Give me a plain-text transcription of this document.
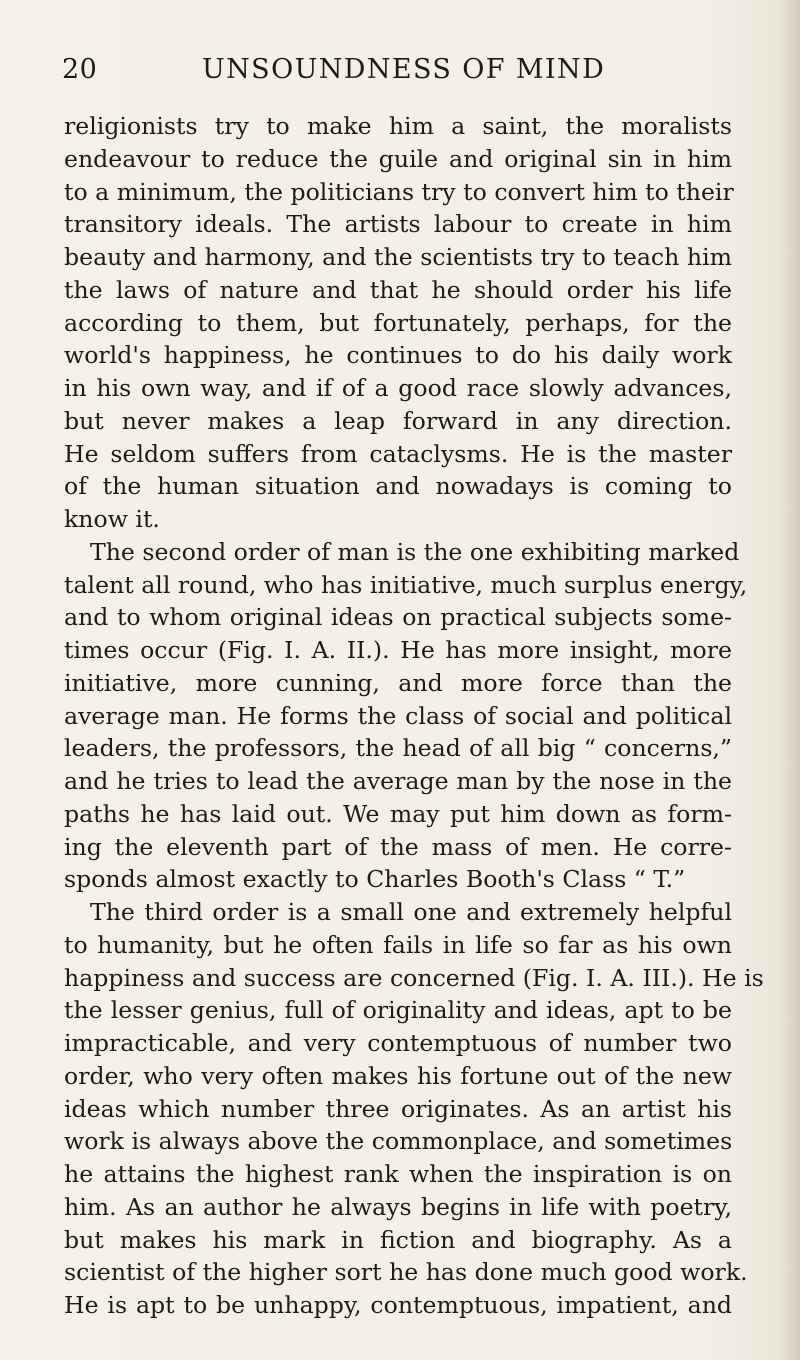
20	UNSOUNDNESS OF MIND
religionists try to make him a saint, the moralists
endeavour to reduce the guile and original sin in him
to a minimum, the politicians try to convert him to their
transitory ideals. The artists labour to create in him
beauty and harmony, and the scientists try to teach him
the laws of nature and that he should order his life
according to them, but fortunately, perhaps, for the
world's happiness, he continues to do his daily work
in his own way, and if of a good race slowly advances,
but never makes a leap forward in any direction.
He seldom suffers from cataclysms. He is the master
of the human situation and nowadays is coming to
know it.
The second order of man is the one exhibiting marked
talent all round, who has initiative, much surplus energy,
and to whom original ideas on practical subjects some-
times occur (Fig. I. A. II.). He has more insight, more
initiative, more cunning, and more force than the
average man. He forms the class of social and political
leaders, the professors, the head of all big “ concerns,”
and he tries to lead the average man by the nose in the
paths he has laid out. We may put him down as form-
ing the eleventh part of the mass of men. He corre-
sponds almost exactly to Charles Booth's Class “ T.”
The third order is a small one and extremely helpful
to humanity, but he often fails in life so far as his own
happiness and success are concerned (Fig. I. A. III.). He is
the lesser genius, full of originality and ideas, apt to be
impracticable, and very contemptuous of number two
order, who very often makes his fortune out of the new
ideas which number three originates. As an artist his
work is always above the commonplace, and sometimes
he attains the highest rank when the inspiration is on
him. As an author he always begins in life with poetry,
but makes his mark in fiction and biography. As a
scientist of the higher sort he has done much good work.
He is apt to be unhappy, contemptuous, impatient, and
